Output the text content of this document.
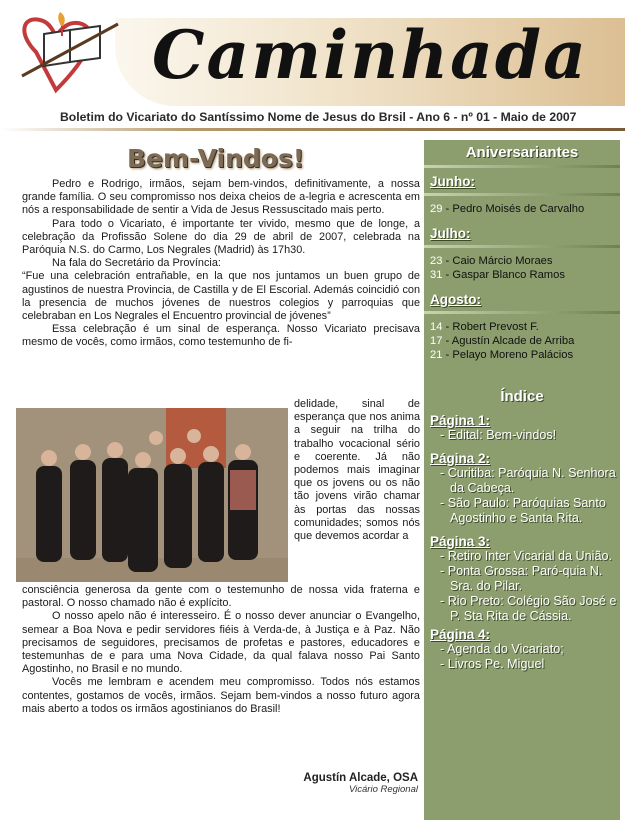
Caminhada
Boletim do Vicariato do Santíssimo Nome de Jesus do Brsil - Ano 6 - nº 01 - Maio de 2007
Bem-Vindos!

Pedro e Rodrigo, irmãos, sejam bem-vindos, definitivamente, a nossa grande família. O seu compromisso nos deixa cheios de a-legria e acrescenta em nós a responsabilidade de sentir a Vida de Jesus Ressuscitado mais perto.

Para todo o Vicariato, é importante ter vivido, mesmo que de longe, a celebração da Profissão Solene do dia 29 de abril de 2007, celebrada na Paróquia N.S. do Carmo, Los Negrales (Madrid) às 17h30.

Na fala do Secretário da Província:

“Fue una celebración entrañable, en la que nos juntamos un buen grupo de agustinos de nuestra Provincia, de Castilla y de El Escorial. Además coincidió con la presencia de muchos jóvenes de nuestros colegios y parroquias que celebraban en Los Negrales el Encuentro provincial de jóvenes”

Essa celebração é um sinal de esperança. Nosso Vicariato precisava mesmo de vocês, como irmãos, como testemunho de fi-

delidade, sinal de esperança que nos anima a seguir na trilha do trabalho vocacional sério e coerente. Já não podemos mais imaginar que os jovens ou os não tão jovens virão chamar às portas das nossas comunidades; somos nós que devemos acordar a

consciência generosa da gente com o testemunho de nossa vida fraterna e pastoral. O nosso chamado não é explícito.

O nosso apelo não é interesseiro. É o nosso dever anunciar o Evangelho, semear a Boa Nova e pedir servidores fiéis à Verda-de, à Justiça e à Paz. Não precisamos de seguidores, precisamos de profetas e pastores, educadores e testemunhas de e para uma Nova Cidade, da qual falava nosso Pai Santo Agostinho, no Brasil e no mundo.

Vocês me lembram e acendem meu compromisso. Todos nós estamos contentes, gostamos de vocês, irmãos. Sejam bem-vindos a nosso futuro agora mais aberto a todos os irmãos agostinianos do Brasil!

Agustín Alcade, OSA
Vicário Regional
Aniversariantes
Junho:
29 - Pedro Moisés de Carvalho
Julho:
23 - Caio Márcio Moraes
31 - Gaspar Blanco Ramos
Agosto:
14 - Robert Prevost F.
17 - Agustín Alcade de Arriba
21 - Pelayo Moreno Palácios
Índice
Página 1:
- Edital: Bem-vindos!
Página 2:
- Curitiba: Paróquia N. Senhora da Cabeça.
- São Paulo: Paróquias Santo Agostinho e Santa Rita.
Página 3:
- Retiro Inter Vicarial da União.
- Ponta Grossa: Paró-quia N. Sra. do Pilar.
- Rio Preto: Colégio São José e P. Sta Rita de Cássia.
Página 4:
- Agenda do Vicariato;
- Livros Pe. Miguel
